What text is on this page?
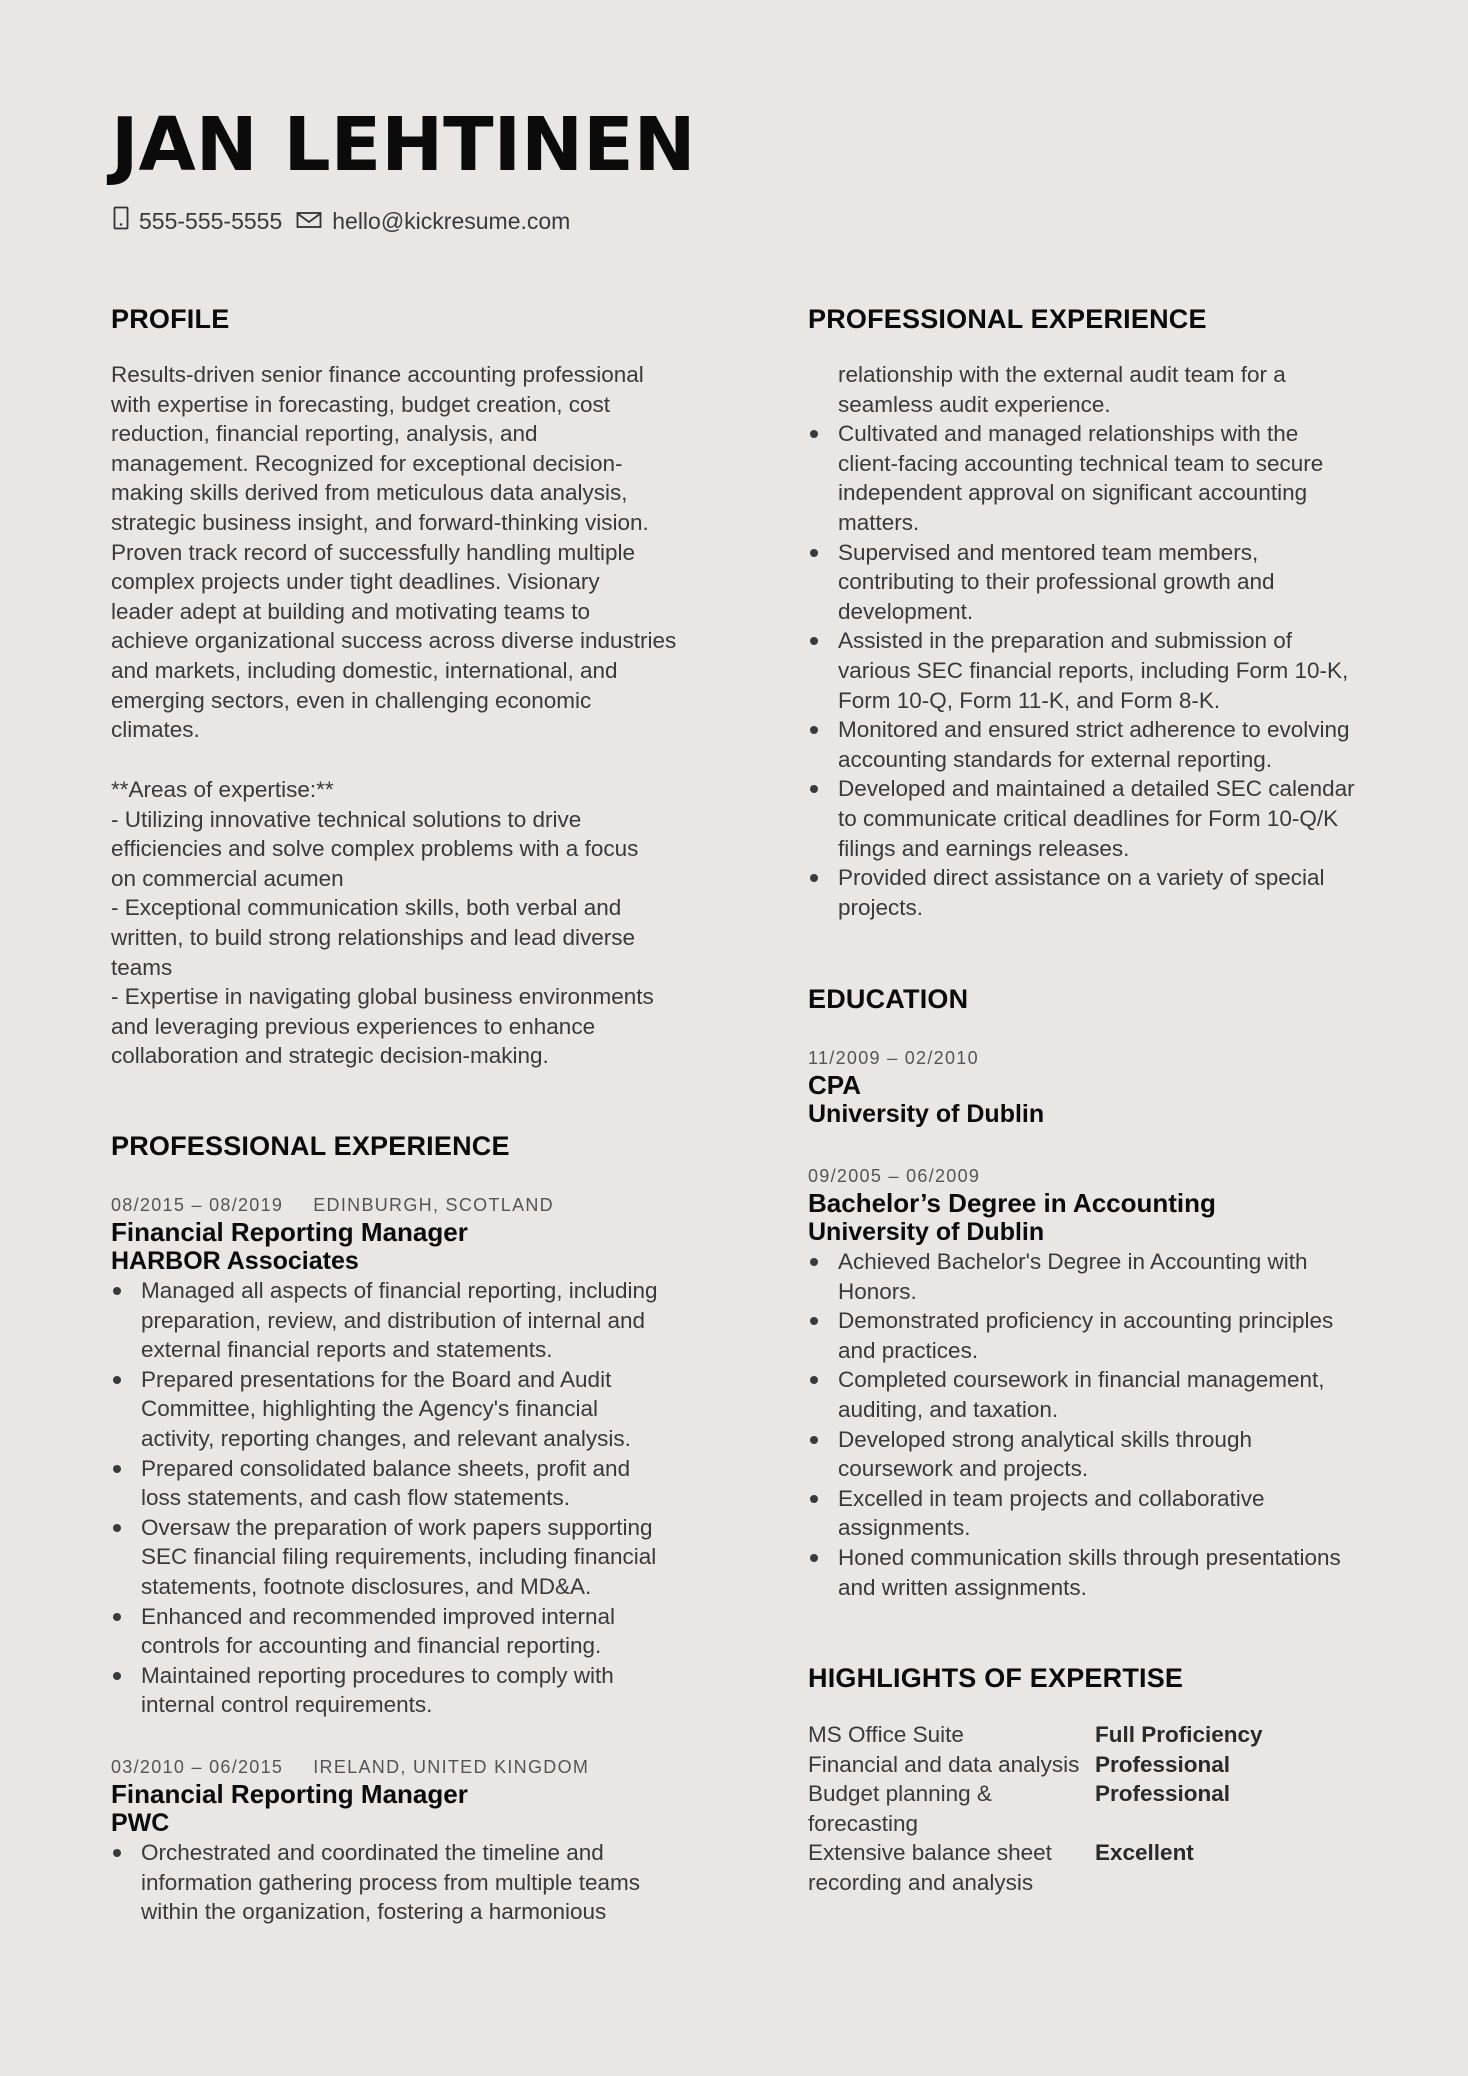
JAN LEHTINEN
555-555-5555 hello@kickresume.com
PROFILE

Results-driven senior finance accounting professional
with expertise in forecasting, budget creation, cost
reduction, financial reporting, analysis, and
management. Recognized for exceptional decision-
making skills derived from meticulous data analysis,
strategic business insight, and forward-thinking vision.
Proven track record of successfully handling multiple
complex projects under tight deadlines. Visionary
leader adept at building and motivating teams to
achieve organizational success across diverse industries
and markets, including domestic, international, and
emerging sectors, even in challenging economic
climates.

**Areas of expertise:**
- Utilizing innovative technical solutions to drive
efficiencies and solve complex problems with a focus
on commercial acumen
- Exceptional communication skills, both verbal and
written, to build strong relationships and lead diverse
teams
- Expertise in navigating global business environments
and leveraging previous experiences to enhance
collaboration and strategic decision-making.

PROFESSIONAL EXPERIENCE
08/2015 – 08/2019 EDINBURGH, SCOTLAND
Financial Reporting Manager
HARBOR Associates
Managed all aspects of financial reporting, including
preparation, review, and distribution of internal and
external financial reports and statements.
Prepared presentations for the Board and Audit
Committee, highlighting the Agency's financial
activity, reporting changes, and relevant analysis.
Prepared consolidated balance sheets, profit and
loss statements, and cash flow statements.
Oversaw the preparation of work papers supporting
SEC financial filing requirements, including financial
statements, footnote disclosures, and MD&A.
Enhanced and recommended improved internal
controls for accounting and financial reporting.
Maintained reporting procedures to comply with
internal control requirements.
03/2010 – 06/2015 IRELAND, UNITED KINGDOM
Financial Reporting Manager
PWC
Orchestrated and coordinated the timeline and
information gathering process from multiple teams
within the organization, fostering a harmonious
PROFESSIONAL EXPERIENCE
relationship with the external audit team for a
seamless audit experience.
Cultivated and managed relationships with the
client-facing accounting technical team to secure
independent approval on significant accounting
matters.
Supervised and mentored team members,
contributing to their professional growth and
development.
Assisted in the preparation and submission of
various SEC financial reports, including Form 10-K,
Form 10-Q, Form 11-K, and Form 8-K.
Monitored and ensured strict adherence to evolving
accounting standards for external reporting.
Developed and maintained a detailed SEC calendar
to communicate critical deadlines for Form 10-Q/K
filings and earnings releases.
Provided direct assistance on a variety of special
projects.
EDUCATION
11/2009 – 02/2010
CPA
University of Dublin
09/2005 – 06/2009
Bachelor’s Degree in Accounting
University of Dublin
Achieved Bachelor's Degree in Accounting with
Honors.
Demonstrated proficiency in accounting principles
and practices.
Completed coursework in financial management,
auditing, and taxation.
Developed strong analytical skills through
coursework and projects.
Excelled in team projects and collaborative
assignments.
Honed communication skills through presentations
and written assignments.
HIGHLIGHTS OF EXPERTISE
MS Office Suite	Full Proficiency
Financial and data analysis	Professional
Budget planning &
forecasting	Professional
Extensive balance sheet
recording and analysis	Excellent
